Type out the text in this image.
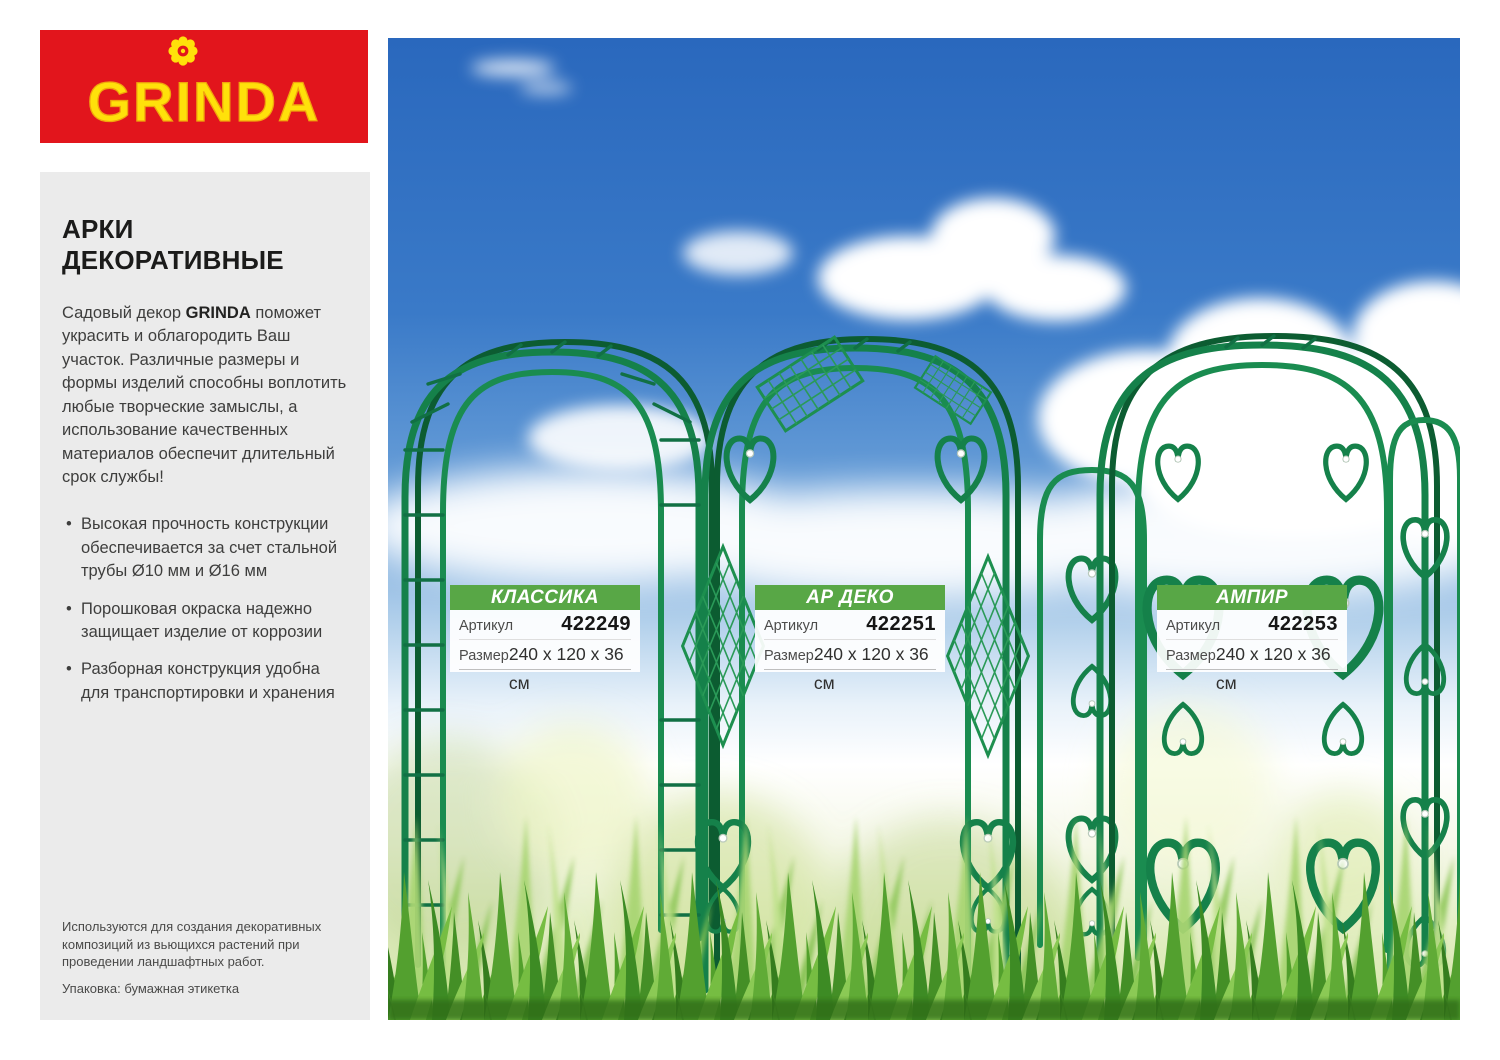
GRINDA
АРКИ ДЕКОРАТИВНЫЕ

Садовый декор GRINDA поможет украсить и облагородить Ваш участок. Различные размеры и формы изделий способны воплотить любые творческие замыслы, а использование качественных материалов обеспечит длительный срок службы!

• Высокая прочность конструкции обеспечивается за счет стальной трубы Ø10 мм и Ø16 мм
• Порошковая окраска надежно защищает изделие от коррозии
• Разборная конструкция удобна для транспортировки и хранения

Используются для создания декоративных композиций из вьющихся растений при проведении ландшафтных работ.

Упаковка: бумажная этикетка

КЛАССИКА
Артикул 422249
Размер 240 x 120 x 36 см
АР ДЕКО
Артикул 422251
Размер 240 x 120 x 36 см
АМПИР
Артикул 422253
Размер 240 x 120 x 36 см
